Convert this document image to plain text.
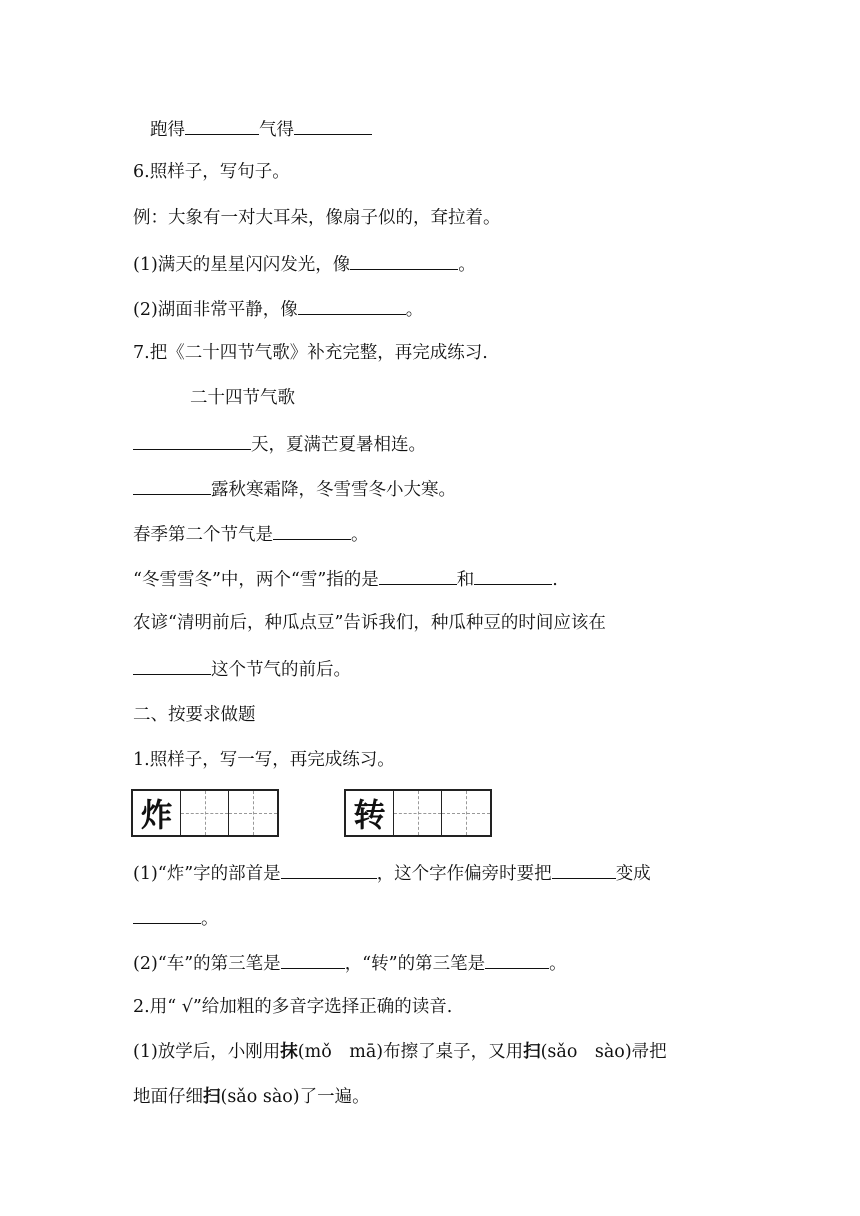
跑得	气得
6.照样子，写句子。
例：大象有一对大耳朵，像扇子似的，耷拉着。
(1)满天的星星闪闪发光，像	。
(2)湖面非常平静，像	。
7.把《二十四节气歌》补充完整，再完成练习.
二十四节气歌
天，夏满芒夏暑相连。
露秋寒霜降，冬雪雪冬小大寒。
春季第二个节气是	。
“冬雪雪冬”中，两个“雪”指的是	和	.
农谚“清明前后，种瓜点豆”告诉我们，种瓜种豆的时间应该在
这个节气的前后。
二、按要求做题
1.照样子，写一写，再完成练习。
炸	转
(1)“炸”字的部首是	，这个字作偏旁时要把	变成
。
(2)“车”的第三笔是	，“转”的第三笔是	。
2.用“ √”给加粗的多音字选择正确的读音.
(1)放学后，小刚用抹(mǒ　mā)布擦了桌子，又用扫(sǎo　sào)帚把
地面仔细扫(sǎo sào)了一遍。
